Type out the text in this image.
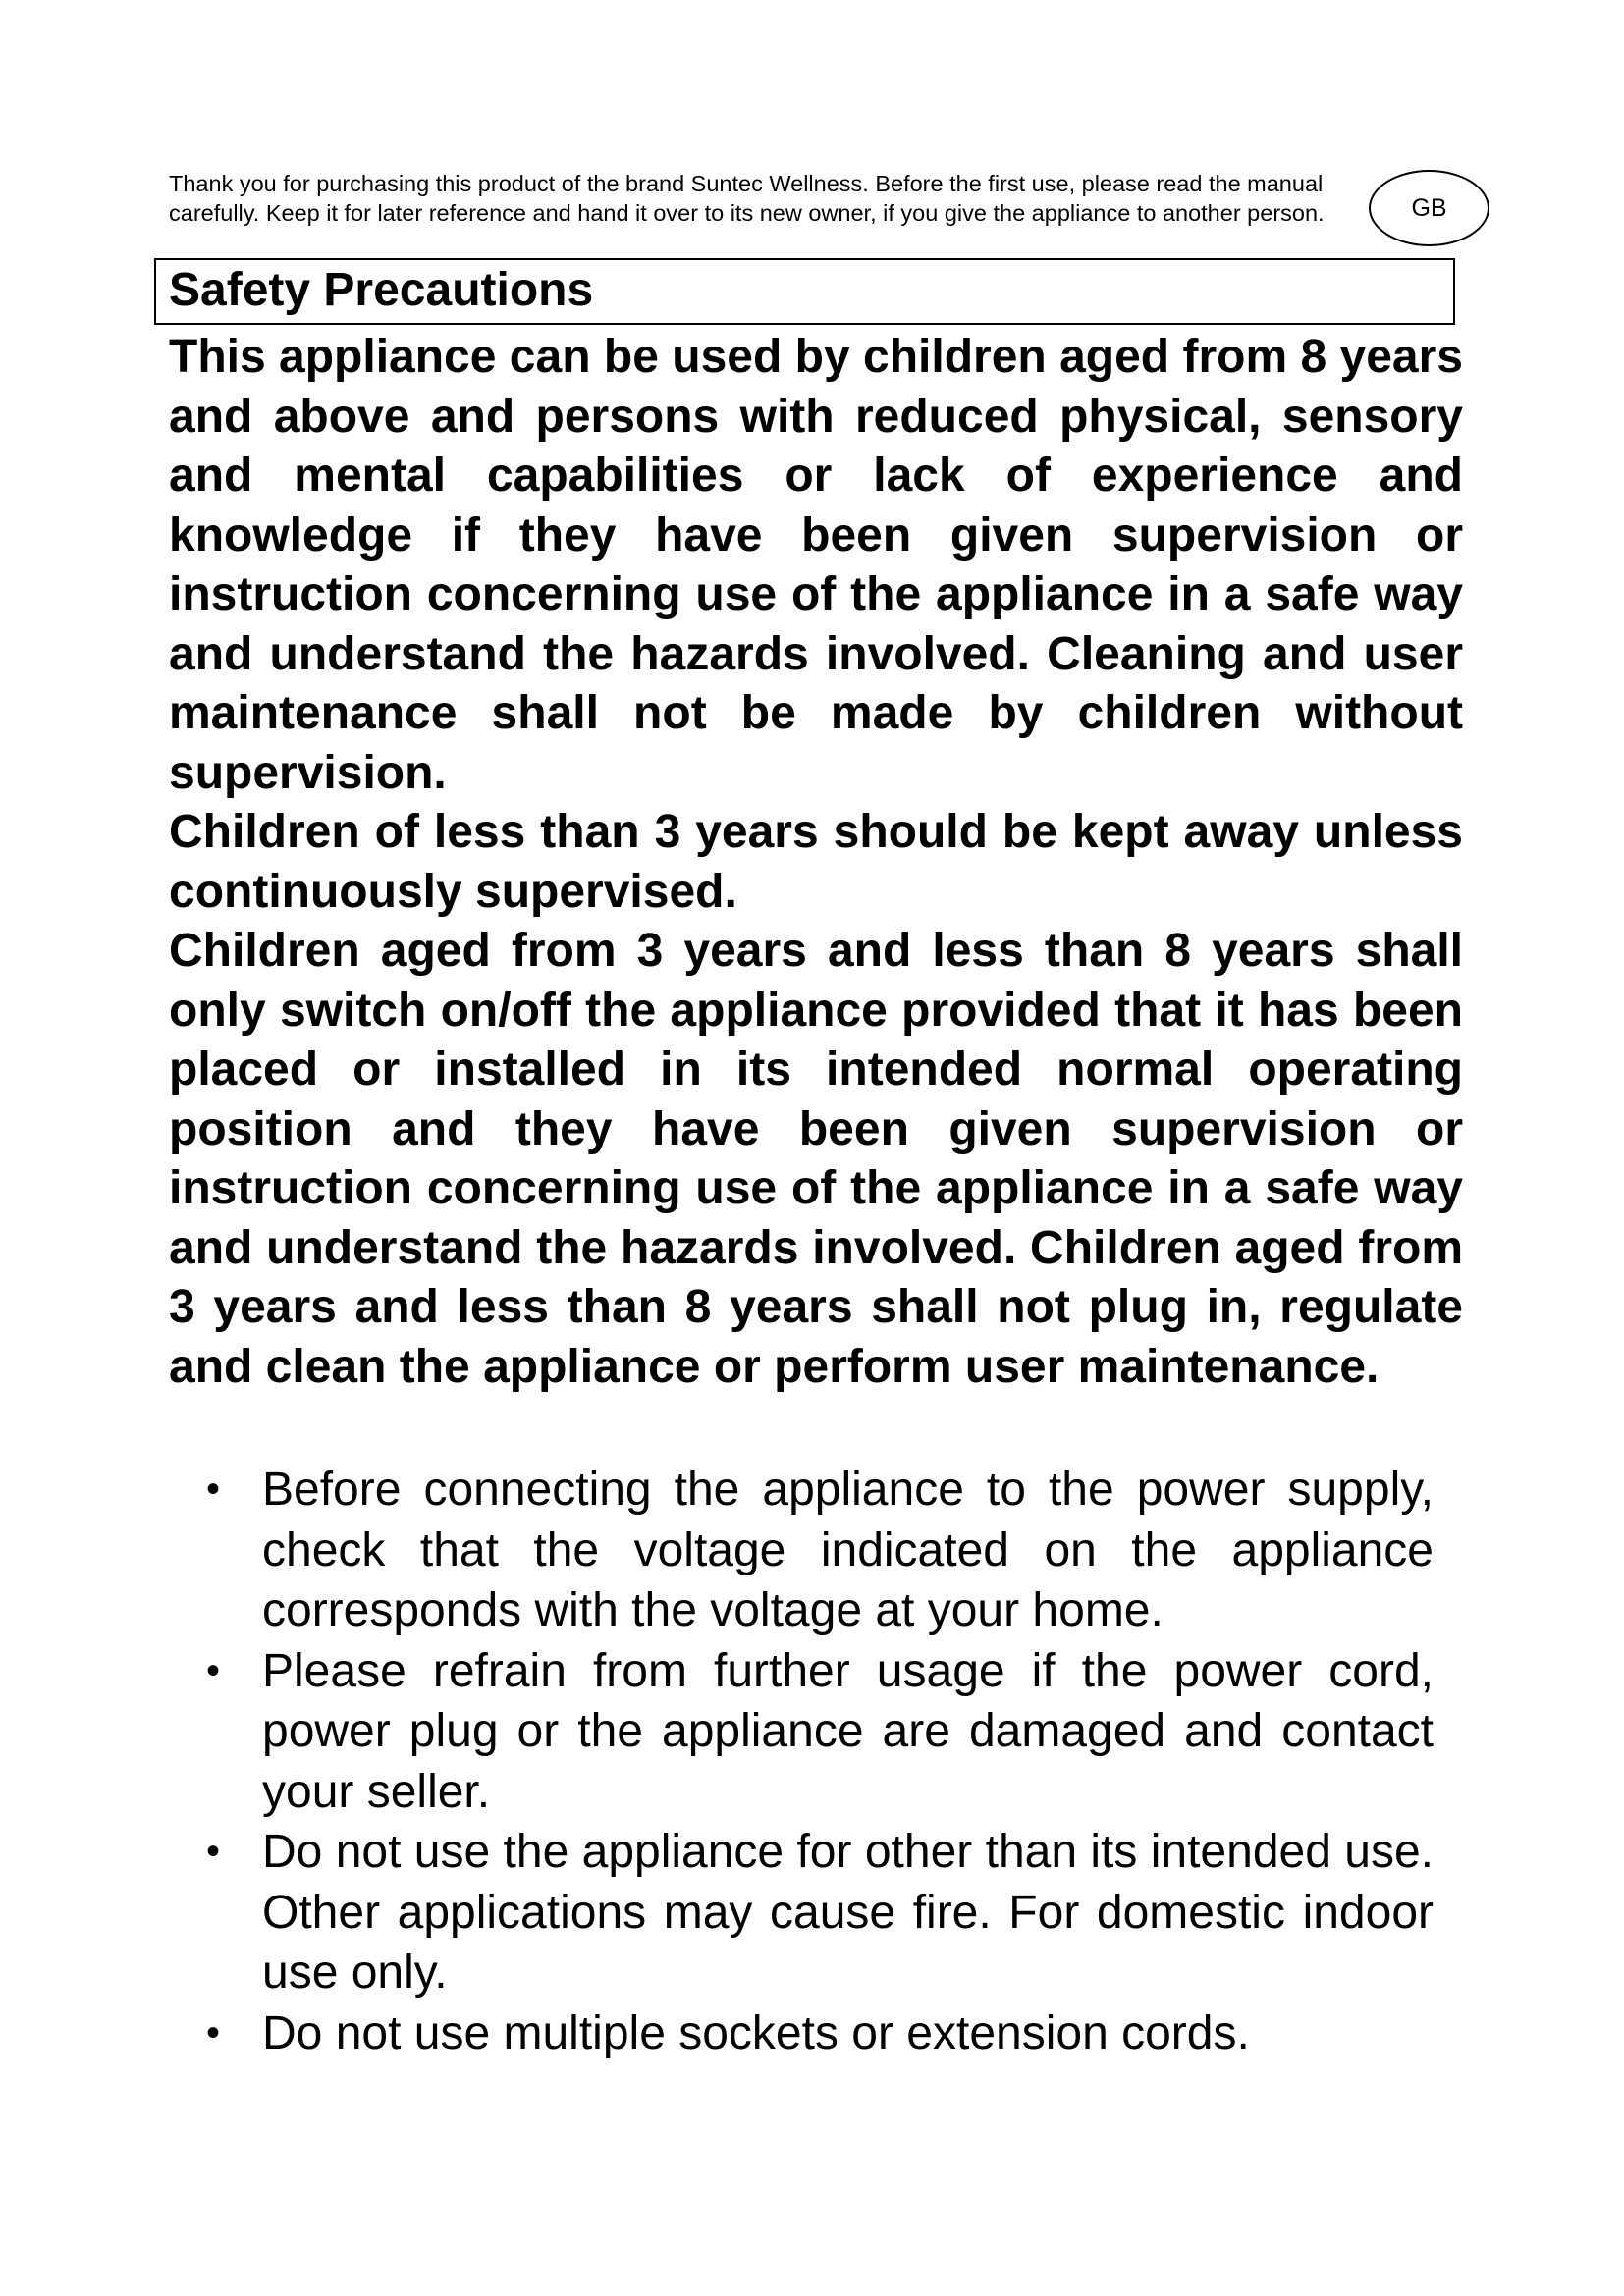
Thank you for purchasing this product of the brand Suntec Wellness. Before the first use, please read the manual carefully. Keep it for later reference and hand it over to its new owner, if you give the appliance to another person.	GB
Safety Precautions

This appliance can be used by children aged from 8 years and above and persons with reduced physical, sensory and mental capabilities or lack of experience and knowledge if they have been given supervision or instruction concerning use of the appliance in a safe way and understand the hazards involved. Cleaning and user maintenance shall not be made by children without supervision.

Children of less than 3 years should be kept away unless continuously supervised.

Children aged from 3 years and less than 8 years shall only switch on/off the appliance provided that it has been placed or installed in its intended normal operating position and they have been given supervision or instruction concerning use of the appliance in a safe way and understand the hazards involved. Children aged from 3 years and less than 8 years shall not plug in, regulate and clean the appliance or perform user maintenance.

• Before connecting the appliance to the power supply, check that the voltage indicated on the appliance corresponds with the voltage at your home.
• Please refrain from further usage if the power cord, power plug or the appliance are damaged and contact your seller.
• Do not use the appliance for other than its intended use. Other applications may cause fire. For domestic indoor use only.
• Do not use multiple sockets or extension cords.
